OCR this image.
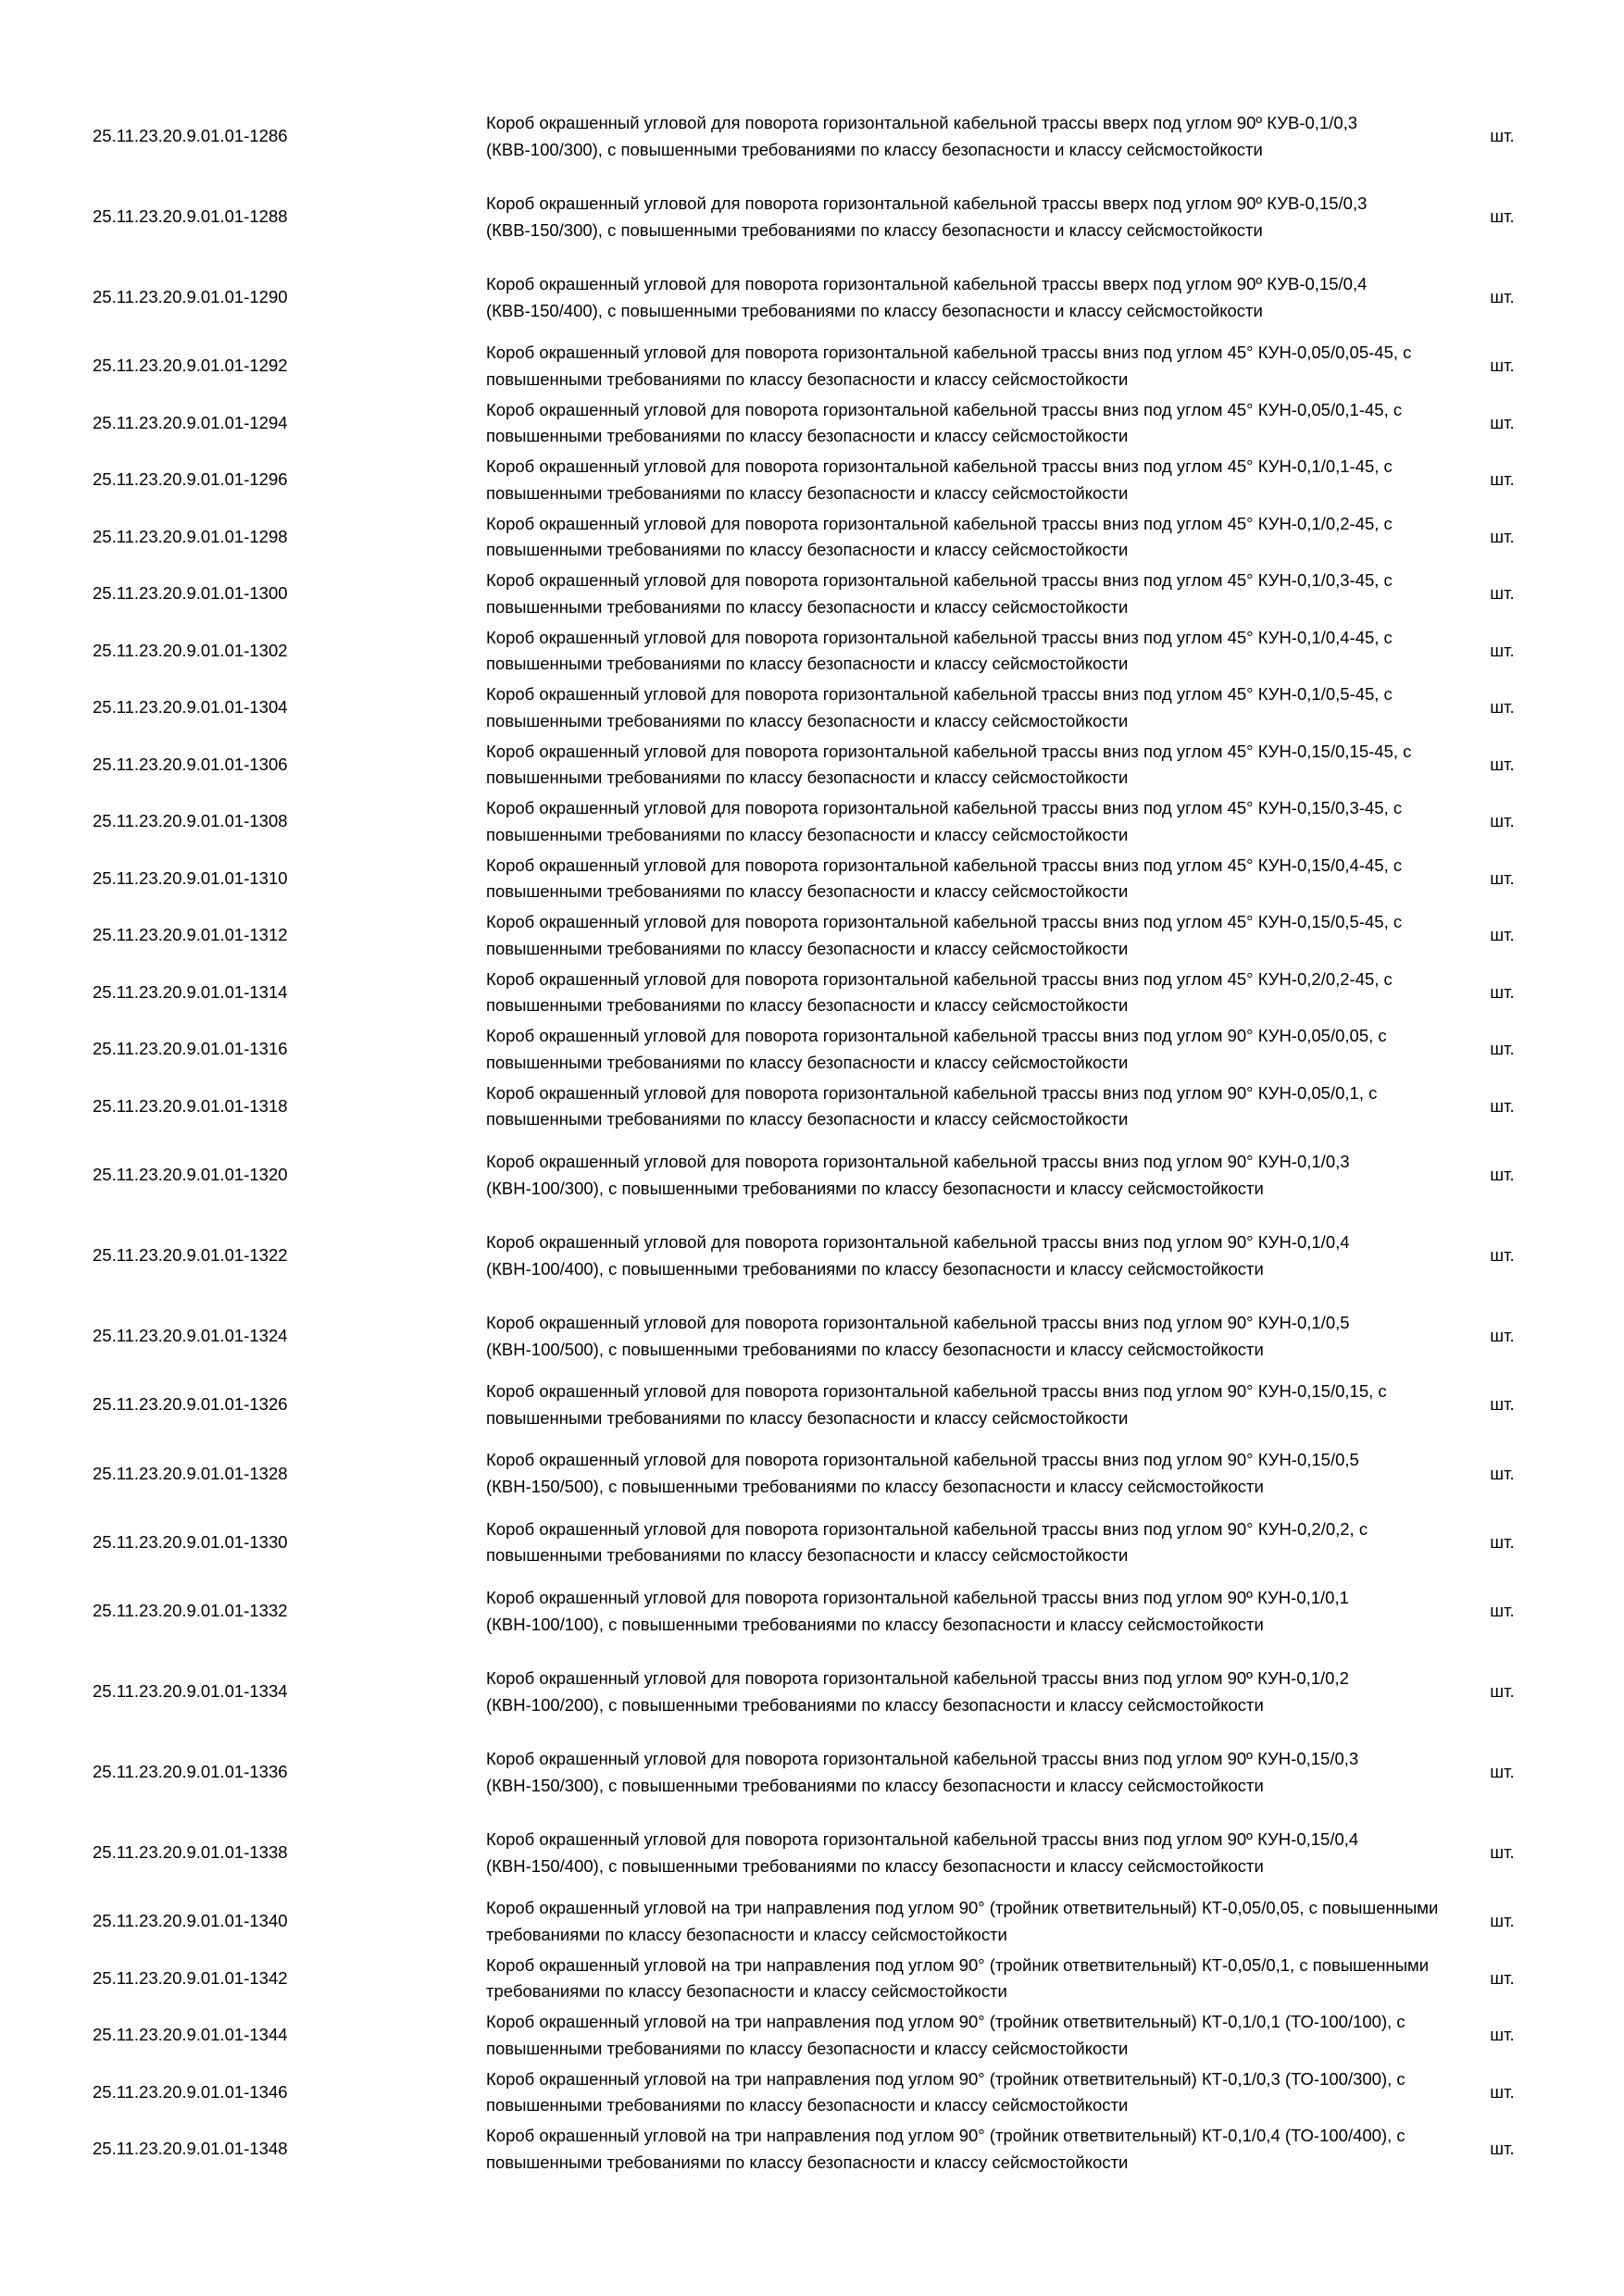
25.11.23.20.9.01.01-1286	Короб окрашенный угловой для поворота горизонтальной кабельной трассы вверх под углом 90º КУВ-0,1/0,3 (КВВ-100/300), с повышенными требованиями по классу безопасности и классу сейсмостойкости	шт.
25.11.23.20.9.01.01-1288	Короб окрашенный угловой для поворота горизонтальной кабельной трассы вверх под углом 90º КУВ-0,15/0,3 (КВВ-150/300), с повышенными требованиями по классу безопасности и классу сейсмостойкости	шт.
25.11.23.20.9.01.01-1290	Короб окрашенный угловой для поворота горизонтальной кабельной трассы вверх под углом 90º КУВ-0,15/0,4 (КВВ-150/400), с повышенными требованиями по классу безопасности и классу сейсмостойкости	шт.
25.11.23.20.9.01.01-1292	Короб окрашенный угловой для поворота горизонтальной кабельной трассы вниз под углом 45° КУН-0,05/0,05-45, с повышенными требованиями по классу безопасности и классу сейсмостойкости	шт.
25.11.23.20.9.01.01-1294	Короб окрашенный угловой для поворота горизонтальной кабельной трассы вниз под углом 45° КУН-0,05/0,1-45, с повышенными требованиями по классу безопасности и классу сейсмостойкости	шт.
25.11.23.20.9.01.01-1296	Короб окрашенный угловой для поворота горизонтальной кабельной трассы вниз под углом 45° КУН-0,1/0,1-45, с повышенными требованиями по классу безопасности и классу сейсмостойкости	шт.
25.11.23.20.9.01.01-1298	Короб окрашенный угловой для поворота горизонтальной кабельной трассы вниз под углом 45° КУН-0,1/0,2-45, с повышенными требованиями по классу безопасности и классу сейсмостойкости	шт.
25.11.23.20.9.01.01-1300	Короб окрашенный угловой для поворота горизонтальной кабельной трассы вниз под углом 45° КУН-0,1/0,3-45, с повышенными требованиями по классу безопасности и классу сейсмостойкости	шт.
25.11.23.20.9.01.01-1302	Короб окрашенный угловой для поворота горизонтальной кабельной трассы вниз под углом 45° КУН-0,1/0,4-45, с повышенными требованиями по классу безопасности и классу сейсмостойкости	шт.
25.11.23.20.9.01.01-1304	Короб окрашенный угловой для поворота горизонтальной кабельной трассы вниз под углом 45° КУН-0,1/0,5-45, с повышенными требованиями по классу безопасности и классу сейсмостойкости	шт.
25.11.23.20.9.01.01-1306	Короб окрашенный угловой для поворота горизонтальной кабельной трассы вниз под углом 45° КУН-0,15/0,15-45, с повышенными требованиями по классу безопасности и классу сейсмостойкости	шт.
25.11.23.20.9.01.01-1308	Короб окрашенный угловой для поворота горизонтальной кабельной трассы вниз под углом 45° КУН-0,15/0,3-45, с повышенными требованиями по классу безопасности и классу сейсмостойкости	шт.
25.11.23.20.9.01.01-1310	Короб окрашенный угловой для поворота горизонтальной кабельной трассы вниз под углом 45° КУН-0,15/0,4-45, с повышенными требованиями по классу безопасности и классу сейсмостойкости	шт.
25.11.23.20.9.01.01-1312	Короб окрашенный угловой для поворота горизонтальной кабельной трассы вниз под углом 45° КУН-0,15/0,5-45, с повышенными требованиями по классу безопасности и классу сейсмостойкости	шт.
25.11.23.20.9.01.01-1314	Короб окрашенный угловой для поворота горизонтальной кабельной трассы вниз под углом 45° КУН-0,2/0,2-45, с повышенными требованиями по классу безопасности и классу сейсмостойкости	шт.
25.11.23.20.9.01.01-1316	Короб окрашенный угловой для поворота горизонтальной кабельной трассы вниз под углом 90° КУН-0,05/0,05, с повышенными требованиями по классу безопасности и классу сейсмостойкости	шт.
25.11.23.20.9.01.01-1318	Короб окрашенный угловой для поворота горизонтальной кабельной трассы вниз под углом 90° КУН-0,05/0,1, с повышенными требованиями по классу безопасности и классу сейсмостойкости	шт.
25.11.23.20.9.01.01-1320	Короб окрашенный угловой для поворота горизонтальной кабельной трассы вниз под углом 90° КУН-0,1/0,3 (КВН-100/300), с повышенными требованиями по классу безопасности и классу сейсмостойкости	шт.
25.11.23.20.9.01.01-1322	Короб окрашенный угловой для поворота горизонтальной кабельной трассы вниз под углом 90° КУН-0,1/0,4 (КВН-100/400), с повышенными требованиями по классу безопасности и классу сейсмостойкости	шт.
25.11.23.20.9.01.01-1324	Короб окрашенный угловой для поворота горизонтальной кабельной трассы вниз под углом 90° КУН-0,1/0,5 (КВН-100/500), с повышенными требованиями по классу безопасности и классу сейсмостойкости	шт.
25.11.23.20.9.01.01-1326	Короб окрашенный угловой для поворота горизонтальной кабельной трассы вниз под углом 90° КУН-0,15/0,15, с повышенными требованиями по классу безопасности и классу сейсмостойкости	шт.
25.11.23.20.9.01.01-1328	Короб окрашенный угловой для поворота горизонтальной кабельной трассы вниз под углом 90° КУН-0,15/0,5 (КВН-150/500), с повышенными требованиями по классу безопасности и классу сейсмостойкости	шт.
25.11.23.20.9.01.01-1330	Короб окрашенный угловой для поворота горизонтальной кабельной трассы вниз под углом 90° КУН-0,2/0,2, с повышенными требованиями по классу безопасности и классу сейсмостойкости	шт.
25.11.23.20.9.01.01-1332	Короб окрашенный угловой для поворота горизонтальной кабельной трассы вниз под углом 90º КУН-0,1/0,1 (КВН-100/100), с повышенными требованиями по классу безопасности и классу сейсмостойкости	шт.
25.11.23.20.9.01.01-1334	Короб окрашенный угловой для поворота горизонтальной кабельной трассы вниз под углом 90º КУН-0,1/0,2 (КВН-100/200), с повышенными требованиями по классу безопасности и классу сейсмостойкости	шт.
25.11.23.20.9.01.01-1336	Короб окрашенный угловой для поворота горизонтальной кабельной трассы вниз под углом 90º КУН-0,15/0,3 (КВН-150/300), с повышенными требованиями по классу безопасности и классу сейсмостойкости	шт.
25.11.23.20.9.01.01-1338	Короб окрашенный угловой для поворота горизонтальной кабельной трассы вниз под углом 90º КУН-0,15/0,4 (КВН-150/400), с повышенными требованиями по классу безопасности и классу сейсмостойкости	шт.
25.11.23.20.9.01.01-1340	Короб окрашенный угловой на три направления под углом 90° (тройник ответвительный) КТ-0,05/0,05, с повышенными требованиями по классу безопасности и классу сейсмостойкости	шт.
25.11.23.20.9.01.01-1342	Короб окрашенный угловой на три направления под углом 90° (тройник ответвительный) КТ-0,05/0,1, с повышенными требованиями по классу безопасности и классу сейсмостойкости	шт.
25.11.23.20.9.01.01-1344	Короб окрашенный угловой на три направления под углом 90° (тройник ответвительный) КТ-0,1/0,1 (ТО-100/100), с повышенными требованиями по классу безопасности и классу сейсмостойкости	шт.
25.11.23.20.9.01.01-1346	Короб окрашенный угловой на три направления под углом 90° (тройник ответвительный) КТ-0,1/0,3 (ТО-100/300), с повышенными требованиями по классу безопасности и классу сейсмостойкости	шт.
25.11.23.20.9.01.01-1348	Короб окрашенный угловой на три направления под углом 90° (тройник ответвительный) КТ-0,1/0,4 (ТО-100/400), с повышенными требованиями по классу безопасности и классу сейсмостойкости	шт.
